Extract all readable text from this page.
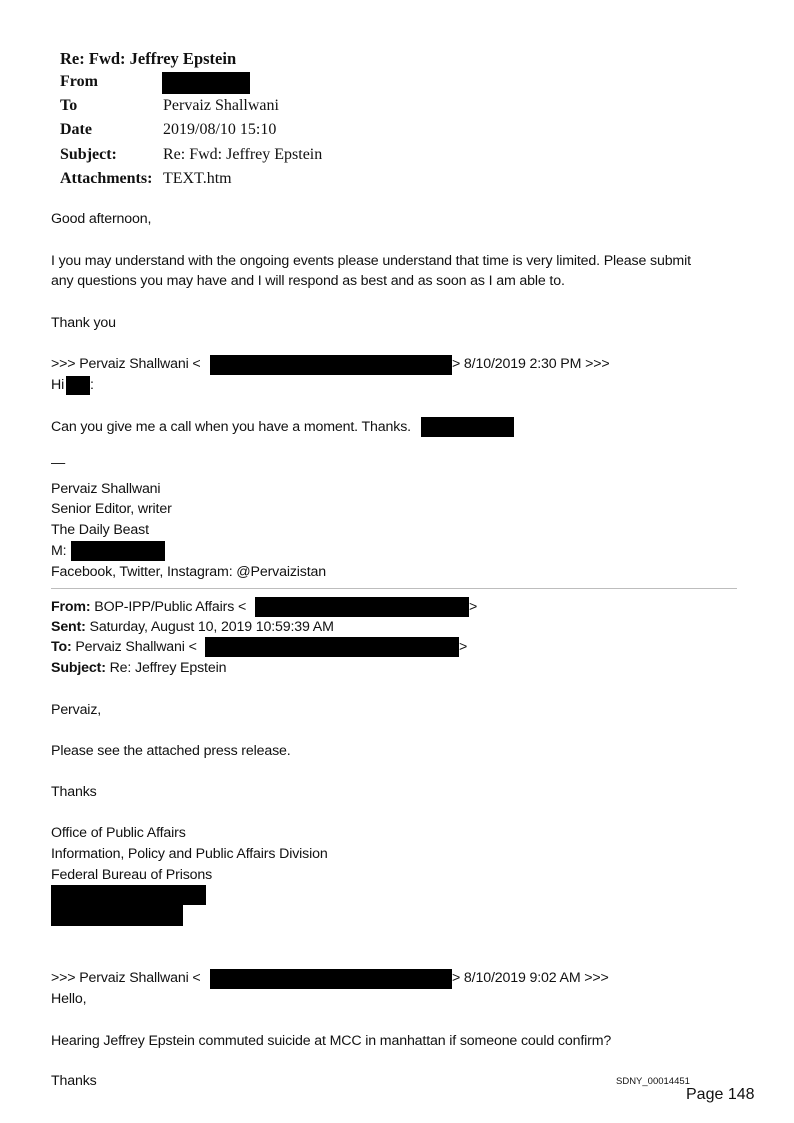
Re: Fwd: Jeffrey Epstein
From
To	Pervaiz Shallwani
Date	2019/08/10 15:10
Subject:	Re: Fwd: Jeffrey Epstein
Attachments: TEXT.htm
Good afternoon,
I you may understand with the ongoing events please understand that time is very limited. Please submit
any questions you may have and I will respond as best and as soon as I am able to.
Thank you
>>> Pervaiz Shallwani <	> 8/10/2019 2:30 PM >>>
Hi :
Can you give me a call when you have a moment. Thanks.
—
Pervaiz Shallwani
Senior Editor, writer
The Daily Beast
M:
Facebook, Twitter, Instagram: @Pervaizistan
From: BOP-IPP/Public Affairs <	>
Sent: Saturday, August 10, 2019 10:59:39 AM
To: Pervaiz Shallwani <	>
Subject: Re: Jeffrey Epstein
Pervaiz,
Please see the attached press release.
Thanks
Office of Public Affairs
Information, Policy and Public Affairs Division
Federal Bureau of Prisons
>>> Pervaiz Shallwani <	> 8/10/2019 9:02 AM >>>
Hello,
Hearing Jeffrey Epstein commuted suicide at MCC in manhattan if someone could confirm?
Thanks	SDNY_00014451
Page 148
